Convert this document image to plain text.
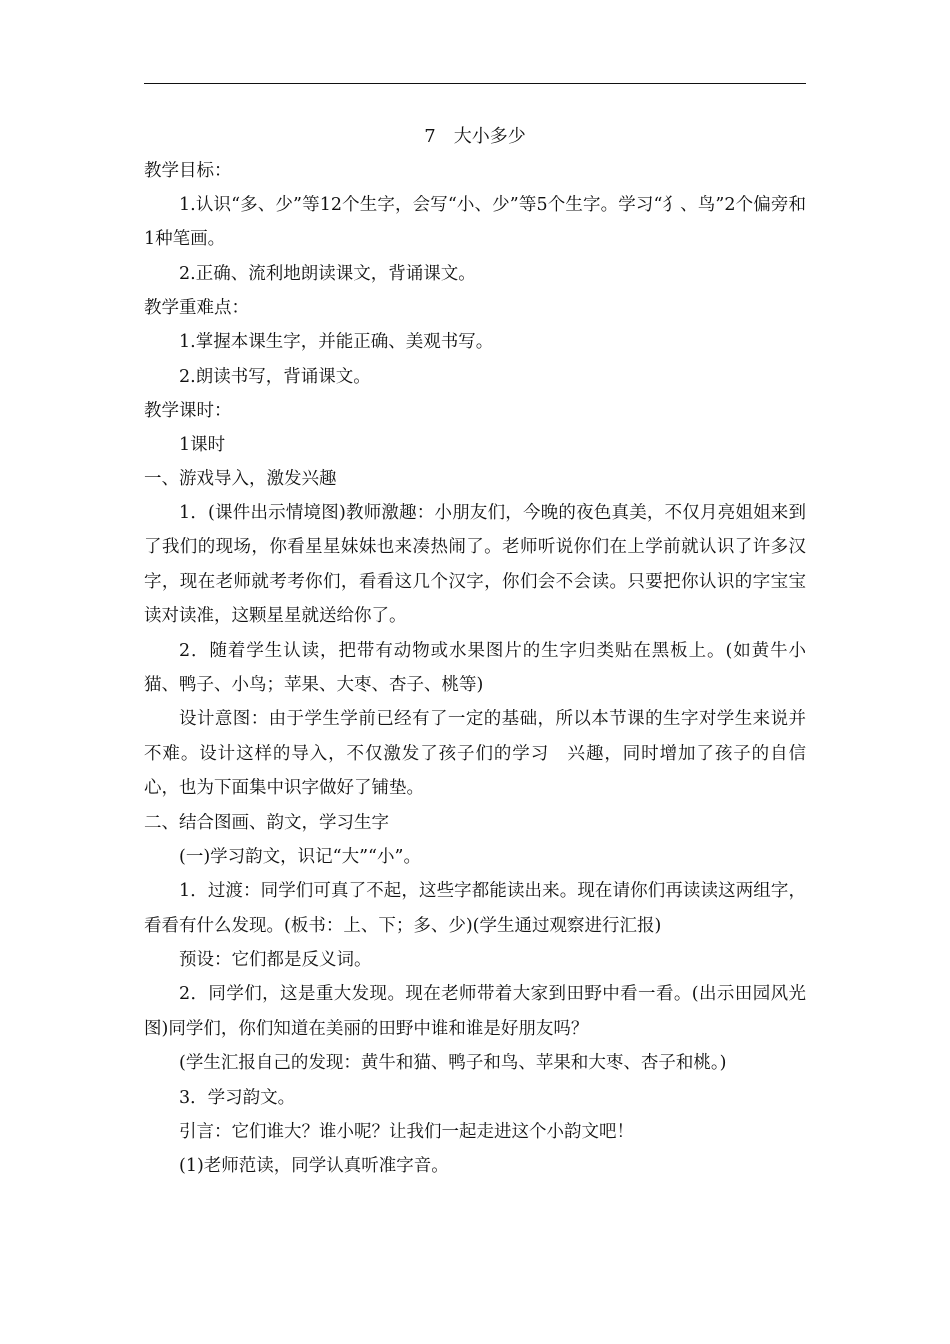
7　大小多少

教学目标：

1.认识“多、少”等12个生字，会写“小、少”等5个生字。学习“犭、鸟”2个偏旁和1种笔画。

2.正确、流利地朗读课文，背诵课文。

教学重难点：

1.掌握本课生字，并能正确、美观书写。

2.朗读书写，背诵课文。

教学课时：

1课时

一、游戏导入，激发兴趣

1．(课件出示情境图)教师激趣：小朋友们，今晚的夜色真美，不仅月亮姐姐来到了我们的现场，你看星星妹妹也来凑热闹了。老师听说你们在上学前就认识了许多汉字，现在老师就考考你们，看看这几个汉字，你们会不会读。只要把你认识的字宝宝读对读准，这颗星星就送给你了。

2．随着学生认读，把带有动物或水果图片的生字归类贴在黑板上。(如黄牛小猫、鸭子、小鸟；苹果、大枣、杏子、桃等)

设计意图：由于学生学前已经有了一定的基础，所以本节课的生字对学生来说并不难。设计这样的导入，不仅激发了孩子们的学习　兴趣，同时增加了孩子的自信心，也为下面集中识字做好了铺垫。

二、结合图画、韵文，学习生字

(一)学习韵文，识记“大”“小”。

1．过渡：同学们可真了不起，这些字都能读出来。现在请你们再读读这两组字，看看有什么发现。(板书：上、下；多、少)(学生通过观察进行汇报)

预设：它们都是反义词。

2．同学们，这是重大发现。现在老师带着大家到田野中看一看。(出示田园风光图)同学们，你们知道在美丽的田野中谁和谁是好朋友吗？

(学生汇报自己的发现：黄牛和猫、鸭子和鸟、苹果和大枣、杏子和桃。)

3．学习韵文。

引言：它们谁大？谁小呢？让我们一起走进这个小韵文吧！

(1)老师范读，同学认真听准字音。
